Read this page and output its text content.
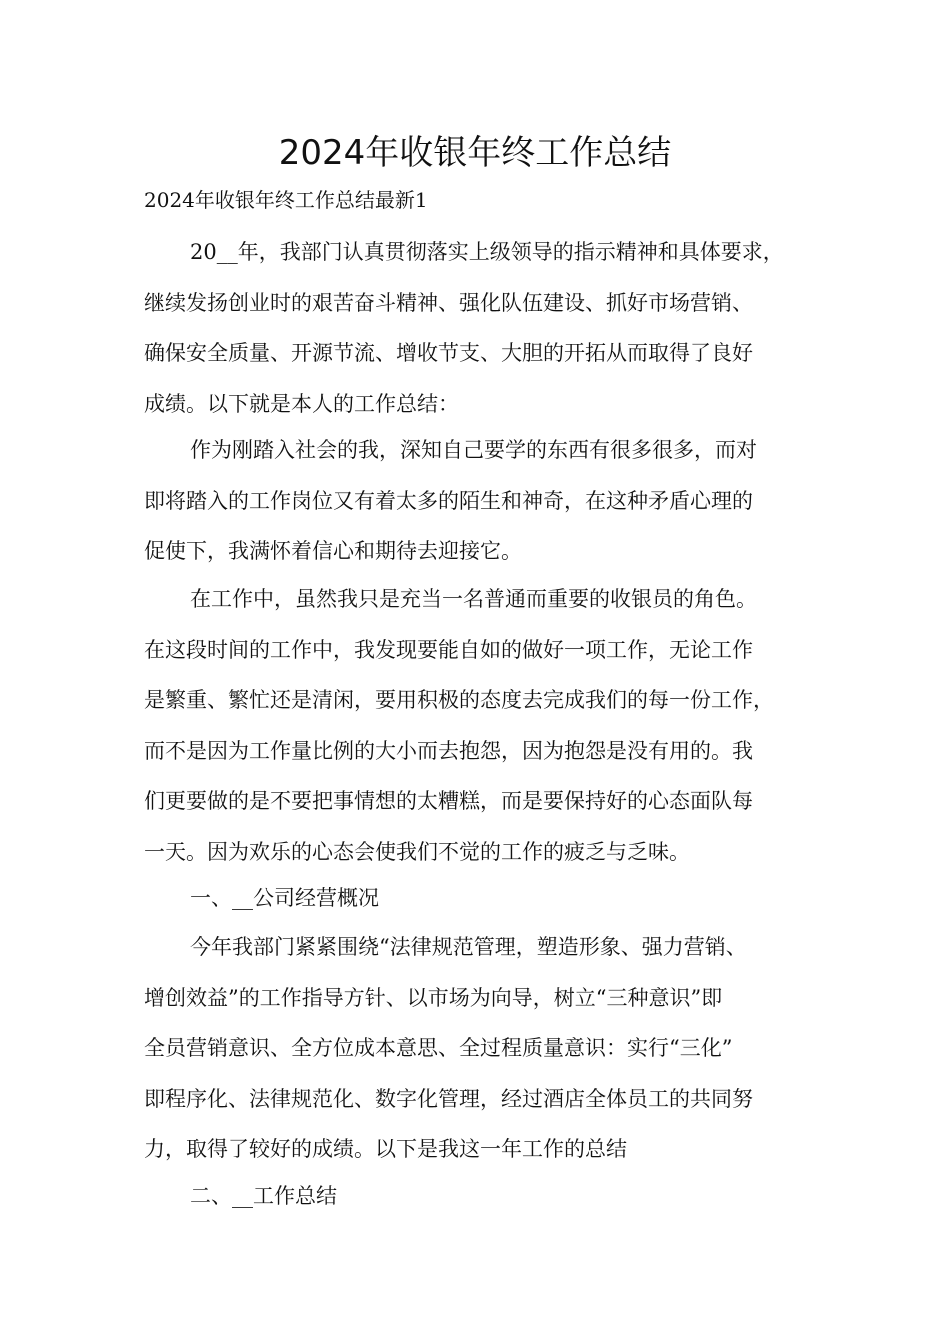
2024年收银年终工作总结
2024年收银年终工作总结最新1
20__年，我部门认真贯彻落实上级领导的指示精神和具体要求，
继续发扬创业时的艰苦奋斗精神、强化队伍建设、抓好市场营销、
确保安全质量、开源节流、增收节支、大胆的开拓从而取得了良好
成绩。以下就是本人的工作总结：
作为刚踏入社会的我，深知自己要学的东西有很多很多，而对
即将踏入的工作岗位又有着太多的陌生和神奇，在这种矛盾心理的
促使下，我满怀着信心和期待去迎接它。
在工作中，虽然我只是充当一名普通而重要的收银员的角色。
在这段时间的工作中，我发现要能自如的做好一项工作，无论工作
是繁重、繁忙还是清闲，要用积极的态度去完成我们的每一份工作，
而不是因为工作量比例的大小而去抱怨，因为抱怨是没有用的。我
们更要做的是不要把事情想的太糟糕，而是要保持好的心态面队每
一天。因为欢乐的心态会使我们不觉的工作的疲乏与乏味。
一、__公司经营概况
今年我部门紧紧围绕“法律规范管理，塑造形象、强力营销、
增创效益”的工作指导方针、以市场为向导，树立“三种意识”即
全员营销意识、全方位成本意思、全过程质量意识：实行“三化”
即程序化、法律规范化、数字化管理，经过酒店全体员工的共同努
力，取得了较好的成绩。以下是我这一年工作的总结
二、__工作总结
